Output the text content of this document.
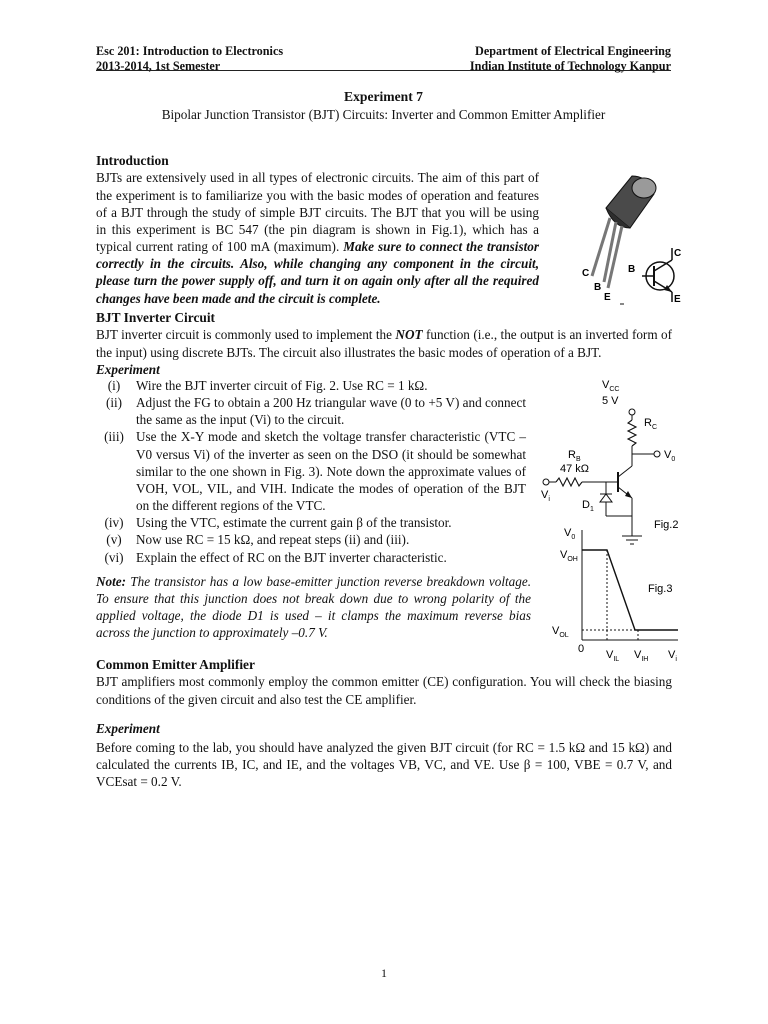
Esc 201: Introduction to Electronics
2013-2014, 1st Semester
Department of Electrical Engineering
Indian Institute of Technology Kanpur
Experiment 7
Bipolar Junction Transistor (BJT) Circuits: Inverter and Common Emitter Amplifier
Introduction

BJTs are extensively used in all types of electronic circuits. The aim of this part of the experiment is to familiarize you with the basic modes of operation and features of a BJT through the study of simple BJT circuits. The BJT that you will be using in this experiment is BC 547 (the pin diagram is shown in Fig.1), which has a typical current rating of 100 mA (maximum). Make sure to connect the transistor correctly in the circuits. Also, while changing any component in the circuit, please turn the power supply off, and turn it on again only after all the required changes have been made and the circuit is complete.

C
B
E
C
B
E
BJT Inverter Circuit

BJT inverter circuit is commonly used to implement the NOT function (i.e., the output is an inverted form of the input) using discrete BJTs. The circuit also illustrates the basic modes of operation of a BJT.

Experiment
(i)	Wire the BJT inverter circuit of Fig. 2. Use RC = 1 kΩ.
(ii)	Adjust the FG to obtain a 200 Hz triangular wave (0 to +5 V) and connect the same as the input (Vi) to the circuit.
(iii) Use the X-Y mode and sketch the voltage transfer characteristic (VTC – V0 versus Vi) of the inverter as seen on the DSO (it should be somewhat similar to the one shown in Fig. 3). Note down the approximate values of VOH, VOL, VIL, and VIH. Indicate the modes of operation of the BJT on the different regions of the VTC.
(iv) Using the VTC, estimate the current gain β of the transistor.
(v)	Now use RC = 15 kΩ, and repeat steps (ii) and (iii).
(vi) Explain the effect of RC on the BJT inverter characteristic.
Note: The transistor has a low base-emitter junction reverse breakdown voltage. To ensure that this junction does not break down due to wrong polarity of the applied voltage, the diode D1 is used – it clamps the maximum reverse bias across the junction to approximately –0.7 V.
$V_{CC}$
5 V
$R_C$
$V_0$
$R_B$
47 kΩ
$V_i$	$D_1$
Fig.2
$V_0$
$V_{OH}$
$V_{OL}$
0 $V_{IL}$ $V_{IH}$ $V_i$
Fig.3
Common Emitter Amplifier

BJT amplifiers most commonly employ the common emitter (CE) configuration. You will check the biasing conditions of the given circuit and also test the CE amplifier.

Experiment

Before coming to the lab, you should have analyzed the given BJT circuit (for RC = 1.5 kΩ and 15 kΩ) and calculated the currents IB, IC, and IE, and the voltages VB, VC, and VE. Use β = 100, VBE = 0.7 V, and VCEsat = 0.2 V.

1
